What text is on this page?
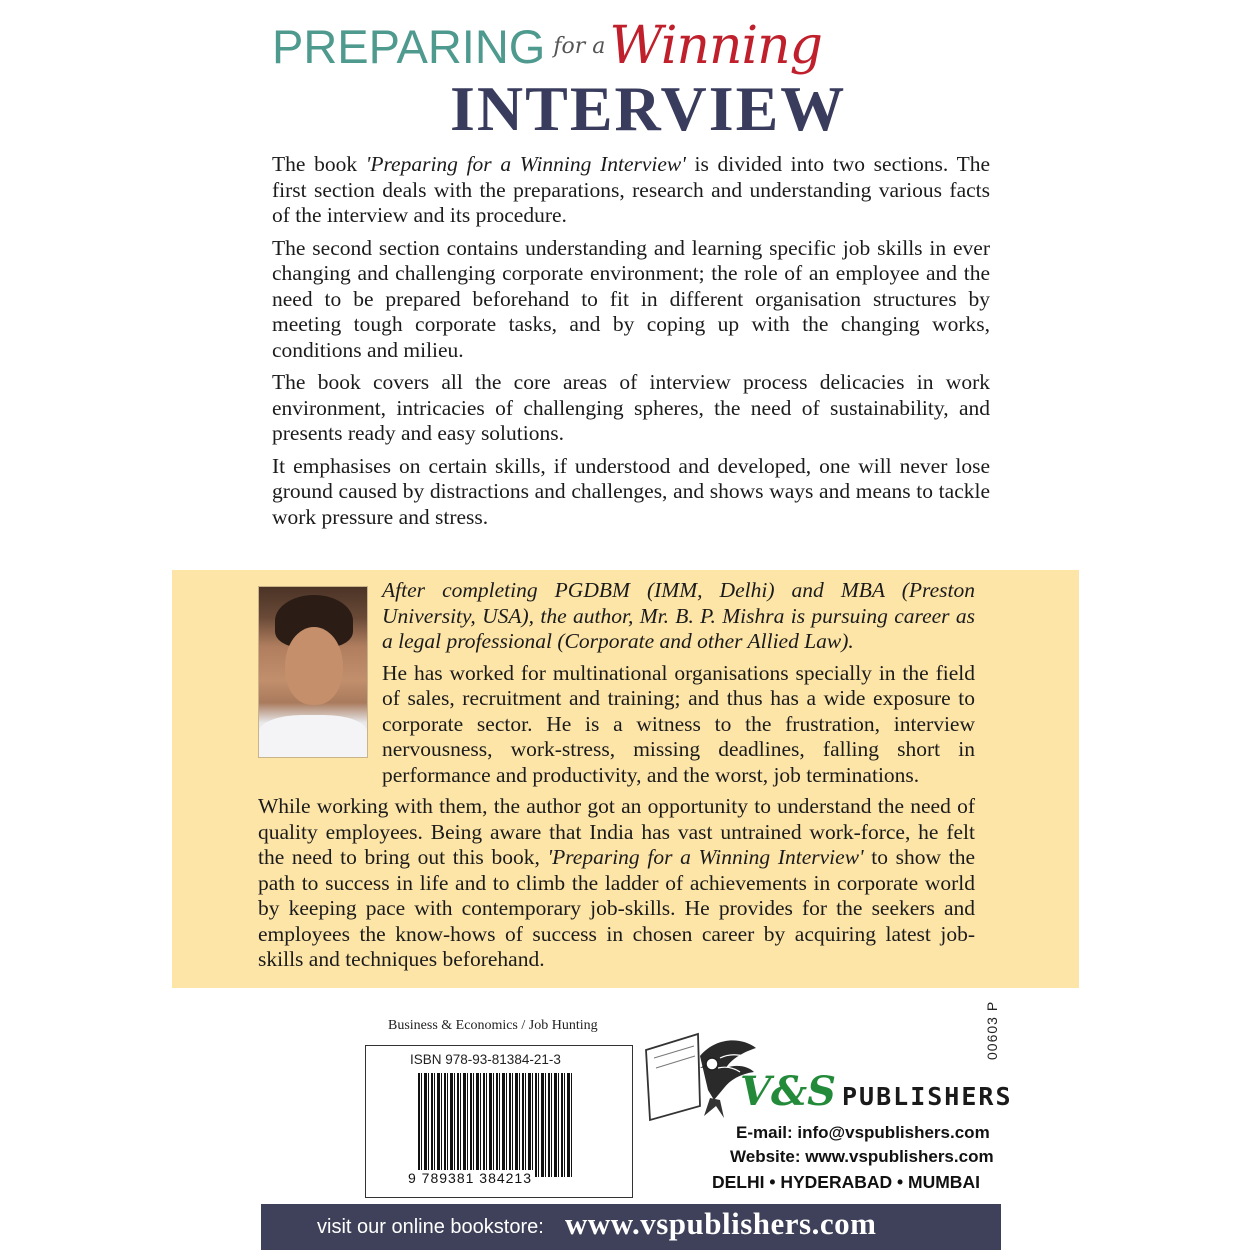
PREPARING for aWinning
INTERVIEW

The book 'Preparing for a Winning Interview' is divided into two sections. The first section deals with the preparations, research and understanding various facts of the interview and its procedure.

The second section contains understanding and learning specific job skills in ever changing and challenging corporate environment; the role of an employee and the need to be prepared beforehand to fit in different organisation structures by meeting tough corporate tasks, and by coping up with the changing works, conditions and milieu.

The book covers all the core areas of interview process delicacies in work environment, intricacies of challenging spheres, the need of sustainability, and presents ready and easy solutions.

It emphasises on certain skills, if understood and developed, one will never lose ground caused by distractions and challenges, and shows ways and means to tackle work pressure and stress.

After completing PGDBM (IMM, Delhi) and MBA (Preston University, USA), the author, Mr. B. P. Mishra is pursuing career as a legal professional (Corporate and other Allied Law).

He has worked for multinational organisations specially in the field of sales, recruitment and training; and thus has a wide exposure to corporate sector. He is a witness to the frustration, interview nervousness, work-stress, missing deadlines, falling short in performance and productivity, and the worst, job terminations.

While working with them, the author got an opportunity to understand the need of quality employees. Being aware that India has vast untrained work-force, he felt the need to bring out this book, 'Preparing for a Winning Interview' to show the path to success in life and to climb the ladder of achievements in corporate world by keeping pace with contemporary job-skills. He provides for the seekers and employees the know-hows of success in chosen career by acquiring latest job-skills and techniques beforehand.

Business & Economics / Job Hunting
ISBN 978-93-81384-21-3
9 789381 384213
00603 P
V&S PUBLISHERS
E-mail: info@vspublishers.com
Website: www.vspublishers.com
DELHI • HYDERABAD • MUMBAI
visit our online bookstore: www.vspublishers.com
